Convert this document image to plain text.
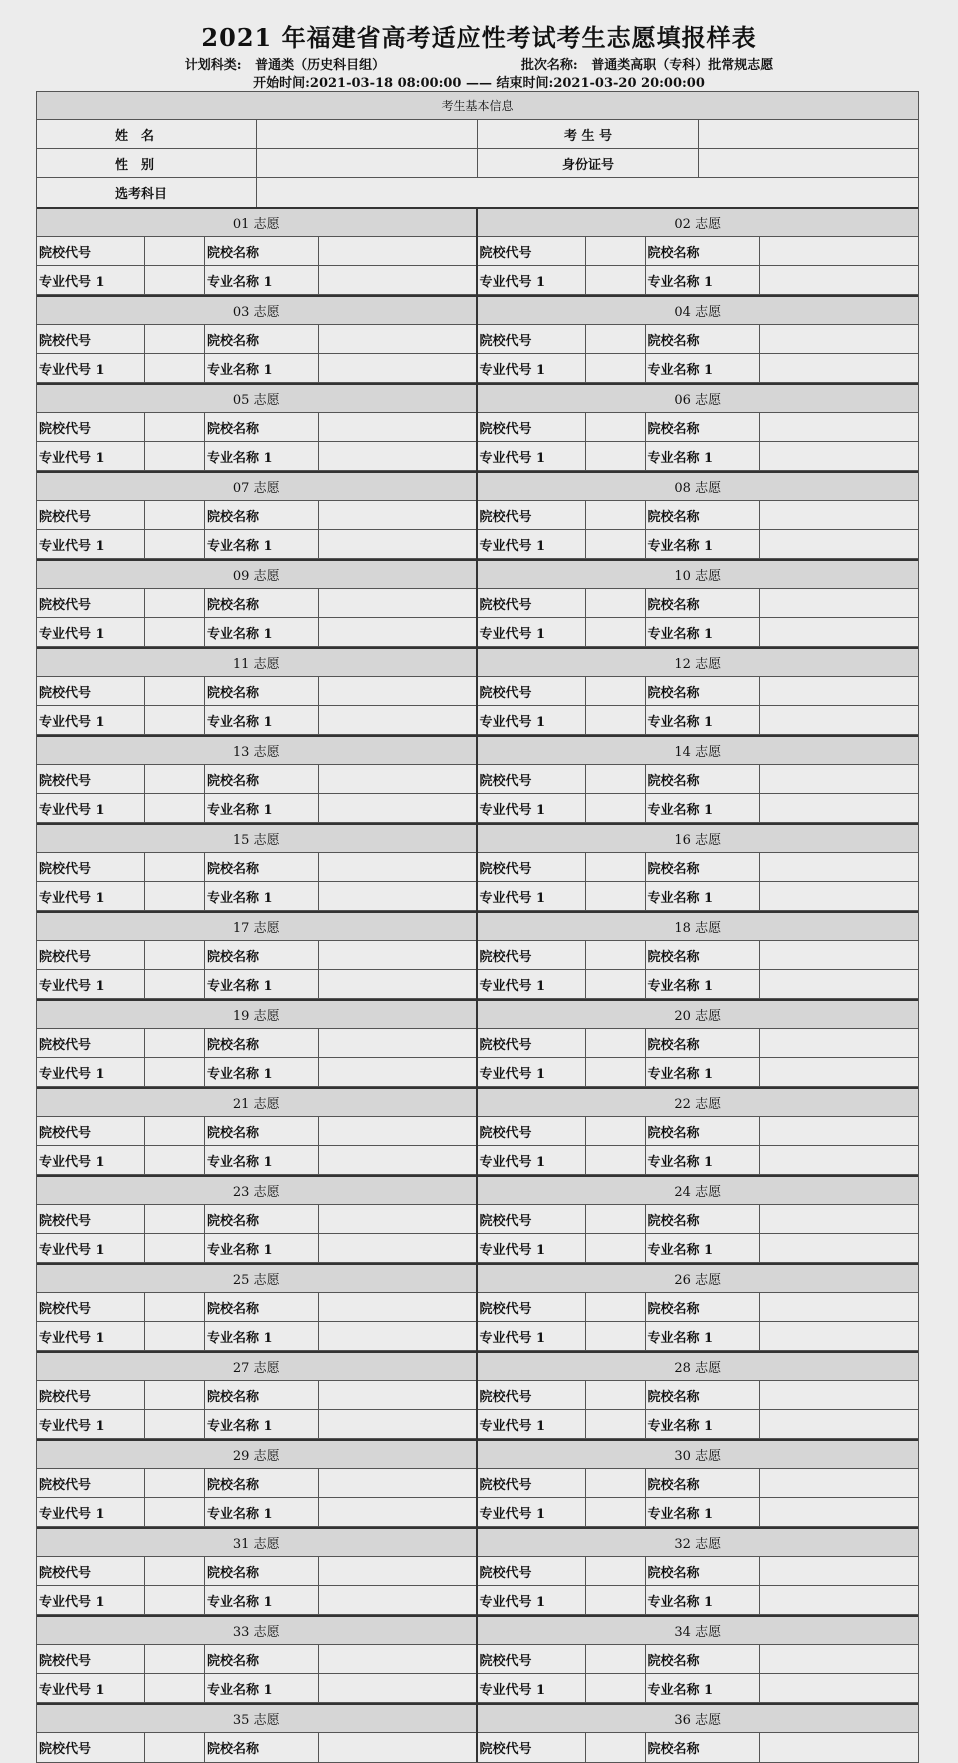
2021 年福建省高考适应性考试考生志愿填报样表
计划科类: 普通类（历史科目组）	批次名称: 普通类高职（专科）批常规志愿
开始时间:2021-03-18 08:00:00 —— 结束时间:2021-03-20 20:00:00
考生基本信息
姓　名	考 生 号
性　别	身份证号
选考科目
01 志愿
院校代号	院校名称
专业代号 1	专业名称 1
03 志愿
院校代号	院校名称
专业代号 1	专业名称 1
05 志愿
院校代号	院校名称
专业代号 1	专业名称 1
07 志愿
院校代号	院校名称
专业代号 1	专业名称 1
09 志愿
院校代号	院校名称
专业代号 1	专业名称 1
11 志愿
院校代号	院校名称
专业代号 1	专业名称 1
13 志愿
院校代号	院校名称
专业代号 1	专业名称 1
15 志愿
院校代号	院校名称
专业代号 1	专业名称 1
17 志愿
院校代号	院校名称
专业代号 1	专业名称 1
19 志愿
院校代号	院校名称
专业代号 1	专业名称 1
21 志愿
院校代号	院校名称
专业代号 1	专业名称 1
23 志愿
院校代号	院校名称
专业代号 1	专业名称 1
25 志愿
院校代号	院校名称
专业代号 1	专业名称 1
27 志愿
院校代号	院校名称
专业代号 1	专业名称 1
29 志愿
院校代号	院校名称
专业代号 1	专业名称 1
31 志愿
院校代号	院校名称
专业代号 1	专业名称 1
33 志愿
院校代号	院校名称
专业代号 1	专业名称 1
35 志愿
院校代号	院校名称
02 志愿
院校代号	院校名称
专业代号 1	专业名称 1
04 志愿
院校代号	院校名称
专业代号 1	专业名称 1
06 志愿
院校代号	院校名称
专业代号 1	专业名称 1
08 志愿
院校代号	院校名称
专业代号 1	专业名称 1
10 志愿
院校代号	院校名称
专业代号 1	专业名称 1
12 志愿
院校代号	院校名称
专业代号 1	专业名称 1
14 志愿
院校代号	院校名称
专业代号 1	专业名称 1
16 志愿
院校代号	院校名称
专业代号 1	专业名称 1
18 志愿
院校代号	院校名称
专业代号 1	专业名称 1
20 志愿
院校代号	院校名称
专业代号 1	专业名称 1
22 志愿
院校代号	院校名称
专业代号 1	专业名称 1
24 志愿
院校代号	院校名称
专业代号 1	专业名称 1
26 志愿
院校代号	院校名称
专业代号 1	专业名称 1
28 志愿
院校代号	院校名称
专业代号 1	专业名称 1
30 志愿
院校代号	院校名称
专业代号 1	专业名称 1
32 志愿
院校代号	院校名称
专业代号 1	专业名称 1
34 志愿
院校代号	院校名称
专业代号 1	专业名称 1
36 志愿
院校代号	院校名称
